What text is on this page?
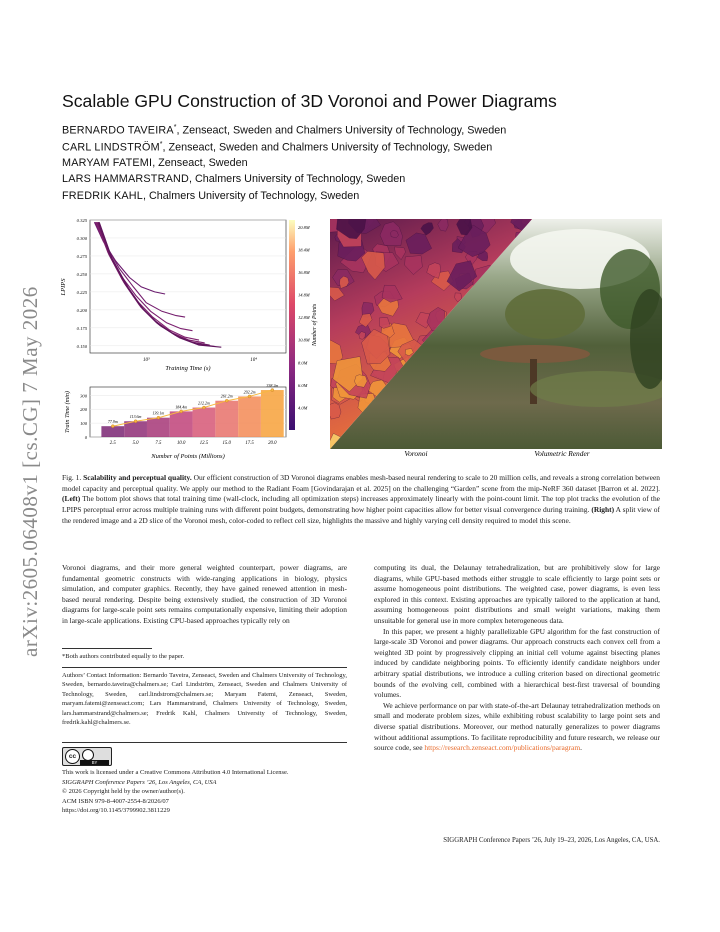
arXiv:2605.06408v1 [cs.CG] 7 May 2026
Scalable GPU Construction of 3D Voronoi and Power Diagrams
BERNARDO TAVEIRA*, Zenseact, Sweden and Chalmers University of Technology, Sweden
CARL LINDSTRÖM*, Zenseact, Sweden and Chalmers University of Technology, Sweden
MARYAM FATEMI, Zenseact, Sweden
LARS HAMMARSTRAND, Chalmers University of Technology, Sweden
FREDRIK KAHL, Chalmers University of Technology, Sweden
0.150
0.175
0.200
0.225
0.250
0.275
0.300
0.325
10³	10⁴
LPIPS
Training Time (s)
4.0M
6.0M
8.0M
10.8M
12.8M
14.8M
16.8M
18.4M
20.8M
Number of Points
77.9m
113.6m
139.1m
184.4m
212.2m
261.2m
292.2m
338.2m
0
100
200
300
2.5	5.0	7.5	10.0	12.5	15.0	17.5	20.0
Train Time (min)
Number of Points (Millions)	Voronoi	Volumetric Render
Fig. 1. Scalability and perceptual quality. Our efficient construction of 3D Voronoi diagrams enables mesh-based neural rendering to scale to 20 million cells, and reveals a strong correlation between model capacity and perceptual quality. We apply our method to the Radiant Foam [Govindarajan et al. 2025] on the challenging “Garden” scene from the mip-NeRF 360 dataset [Barron et al. 2022]. (Left) The bottom plot shows that total training time (wall-clock, including all optimization steps) increases approximately linearly with the point-count limit. The top plot tracks the evolution of the LPIPS perceptual error across multiple training runs with different point budgets, demonstrating how higher point capacities allow for better visual convergence during training. (Right) A split view of the rendered image and a 2D slice of the Voronoi mesh, color-coded to reflect cell size, highlights the massive and highly varying cell density required to model this scene.

Voronoi diagrams, and their more general weighted counterpart, power diagrams, are fundamental geometric constructs with wide-ranging applications in biology, physics simulation, and computer graphics. Recently, they have gained renewed attention in mesh-based neural rendering. Despite being extensively studied, the construction of 3D Voronoi diagrams for large-scale point sets remains computationally expensive, limiting their adoption in large-scale applications. Existing CPU-based approaches typically rely on

*Both authors contributed equally to the paper.
Authors’ Contact Information: Bernardo Taveira, Zenseact, Sweden and Chalmers University of Technology, Sweden, bernardo.taveira@chalmers.se; Carl Lindström, Zenseact, Sweden and Chalmers University of Technology, Sweden, carl.lindstrom@chalmers.se; Maryam Fatemi, Zenseact, Sweden, maryam.fatemi@zenseact.com; Lars Hammarstrand, Chalmers University of Technology, Sweden, lars.hammarstrand@chalmers.se; Fredrik Kahl, Chalmers University of Technology, Sweden, fredrik.kahl@chalmers.se.
cc
BY
This work is licensed under a Creative Commons Attribution 4.0 International License.
SIGGRAPH Conference Papers ’26, Los Angeles, CA, USA
© 2026 Copyright held by the owner/author(s).
ACM ISBN 979-8-4007-2554-8/2026/07
https://doi.org/10.1145/3799902.3811229

computing its dual, the Delaunay tetrahedralization, but are prohibitively slow for large diagrams, while GPU-based methods either struggle to scale efficiently to large point sets or assume homogeneous point distributions. The weighted case, power diagrams, is even less explored in this context. Existing approaches are typically tailored to the application at hand, assuming homogeneous point distributions and small weight variations, making them unsuitable for general use in more complex heterogeneous data.

In this paper, we present a highly parallelizable GPU algorithm for the fast construction of large-scale 3D Voronoi and power diagrams. Our approach constructs each convex cell from a weighted 3D point by progressively clipping an initial cell volume against bisecting planes induced by candidate neighboring points. To efficiently identify candidate neighbors under arbitrary spatial distributions, we introduce a culling criterion based on directional geometric bounds of the evolving cell, combined with a hierarchical best-first traversal of bounding volumes.

We achieve performance on par with state-of-the-art Delaunay tetrahedralization methods on small and moderate problem sizes, while exhibiting robust scalability to large point sets and diverse spatial distributions. Moreover, our method naturally generalizes to power diagrams without additional assumptions. To facilitate reproducibility and future research, we release our source code, see https://research.zenseact.com/publications/paragram.

SIGGRAPH Conference Papers ’26, July 19–23, 2026, Los Angeles, CA, USA.
